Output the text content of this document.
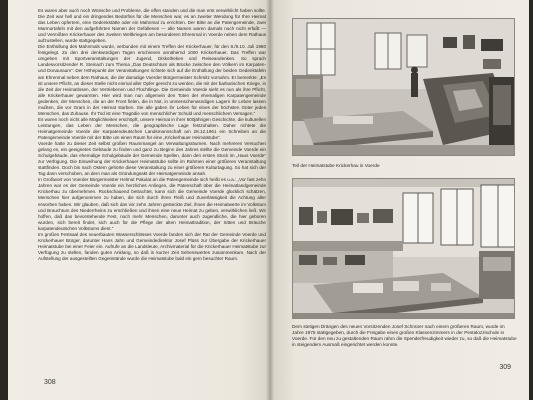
Es waren aber auch noch Wünsche und Probleme, die offen standen und die man erst verwirklicht haben sollte. Die Zeit war hell und ein dringendes Bedürfnis für die Menschen war, es an zweiter Wendung für Ihre Heimat das Leben opfertem, eine Gedenkstätte oder ein Mahnmal zu errichten. Der Bitte an die Patengemeinde, zwei Marmortafeln mit den aufgeführten Namen der Gefallenen — alle Namen waren damals noch nicht erfaßt — und Vermißten Krickerhauer des zweiten Weltkrieges am besonderen Ehrenmal in Voerde neben dem Rathaus aufzustellen, wurde stattgegeben.

Die Enthüllung des Mahnmals wurde, verbunden mit einem Treffen der Krickerhauer, für den 8./9.10. Juli 1960 festgelegt. Zu den drei denkwürdigen Tagen erschienen annähernd 1000 Krickerhauer. Das Treffen war umgeben mit Sportveranstaltungen der Jugend, Diskotheken und Reiseandenken. So sprach Landesvorsitzender R. Steinach zum Thema „Das Deutschtum als Brücke zwischen den Völkern im Karpaten- und Donauraum“. Der Höhepunkt der Veranstaltungen richtete sich auf die Enthüllung der beiden Gedenktafeln am Ehrenmal neben dem Rathaus, die der damalige Voerder Bürgermeister Schmitz vornahm. Er bemerkte: „Es ist unsere Pflicht, an dieser Stelle nicht einmal aller Opfer gerecht zu werden, die mit der barbarischen Kriege, in die Zeit der Heimatlosen, der Vertriebenen und Flüchtlinge. Die Gemeinde Voerde sieht es nun als ihre Pflicht, alle Krickerhauer gewarnten. Hier wird man nun allgemein den Toten der ehemaligen Karpatengemeinde gedenken, der Menschen, die an der Front fielen, die in Not, in unmenschenwürdigen Lagern ihr Leben lassen mußten, die vor Gram in der Heimat starben. Sie alle gaben ihr Leben für eines der höchsten Güter jedes Menschen, das Zuhause. Ihr Tod ist eine Tragödie von menschlicher Schuld und menschlichem Versagen.“

Es waren noch nicht alle Möglichkeiten erschöpft, unsere Heimat in ihrer 600jährigen Geschichte, die kulturellen Leistungen, das Leben der Menschen, die geographische Lage festzuhalten. Daher richtete die Heimatgemeinde Voerde der Karpatendeutschen Landsmannschaft am 28.12.1961 ein Schreiben an die Patengemeinde Voerde mit der Bitte um einen Raum für eine „Krickerhauer Heimatstube“.

Voerde hatte zu dieser Zeit selbst großen Raummangel an Verwaltungsräumen. Nach mehreren Versuchen gelang es, ein geeignetes Gebäude zu finden und ganz zu Beginn des Jahres stellte die Gemeinde Voerde ein Schulgebäude, das ehemalige Schulgebäude der Gemeinde Spellen, dann den ersten Stock im „Haus Voerde“ zur Verfügung. Die Einweihung der Krickerhauer Heimatstube sollte im Rahmen einer größeren Veranstaltung stattfinden. Doch bis nach Ostern gehörte diese Veranstaltung zu einer größeren Kulturtagung. So hat sich der Tag dann verschoben, an dem man als Gründungsakt der Heimatgemeinde ansah.

In Großwort von Voerder Bürgermeister Helmut Pakulat an die Patengemeinde sich heißt es u.a.: „Vor fast zehn Jahren war es der Gemeinde Voerde ein herzliches Anliegen, die Patenschaft über die Heimatlandgemeinde Krickerhau zu übernehmen. Rückschauend betrachtet, kann sich die Gemeinde Voerde glücklich schätzen, Menschen hier aufgenommen zu haben, die sich durch ihren Fleiß und Zuverlässigkeit die Achtung aller erworben haben. Wir glauben, daß sich das vor zehn Jahren gesteckte Ziel, ihnen die Heimatwerte im Volkstum und Brauchtum des Niederrheins zu erschließen und ihnen eine neue Heimat zu geben, verwirklichen ließ. Wir hoffen, daß das bevorstehende Fest, noch mehr Menschen, darunter auch Jugendliche, die hier geboren wurden, sich bereit findet, sich auch für die Pflege der alten Heimattradition, der Sitten und Bräuche karpatendeutschen Volkstums dient.“

Im großen Festsaal des neuerbauten Wasserschlösses Voerde fanden sich der Rat der Gemeinde Voerde und Krickerhauer Bürger, darunter Hans Jahn und Gemeindedirektor Josef Plüss zur Übergabe der Krickerhauer Heimatstube bei einer Feier ein. Aufrufe an die Landsleute, Archivmaterial für die Krickerhauer Heimatstube zur Verfügung zu stellen, fanden guten Anklang, so daß in kurzer Zeit Sehenswertes zusammenkam. Nach der Aufstellung der ausgestellten Gegenstände wurde die Heimatstube bald ein gern besuchter Raum.

308
Teil der Heimatstube Krickerhau in Voerde
Dem stetigen Drängen des neuen Vorsitzenden Josef Schnürer nach einem größeren Raum, wurde im Jahre 1975 stattgegeben, durch die Freigabe eines großen Klassenzimmers in der Pestalozzischule in Voerde. Für den neu zu gestaltenden Raum rahm die Spenderfreudigkeit wieder zu, so daß die Heimatstube in steigendem Ausmaß eingerichtet werden konnte.
309
